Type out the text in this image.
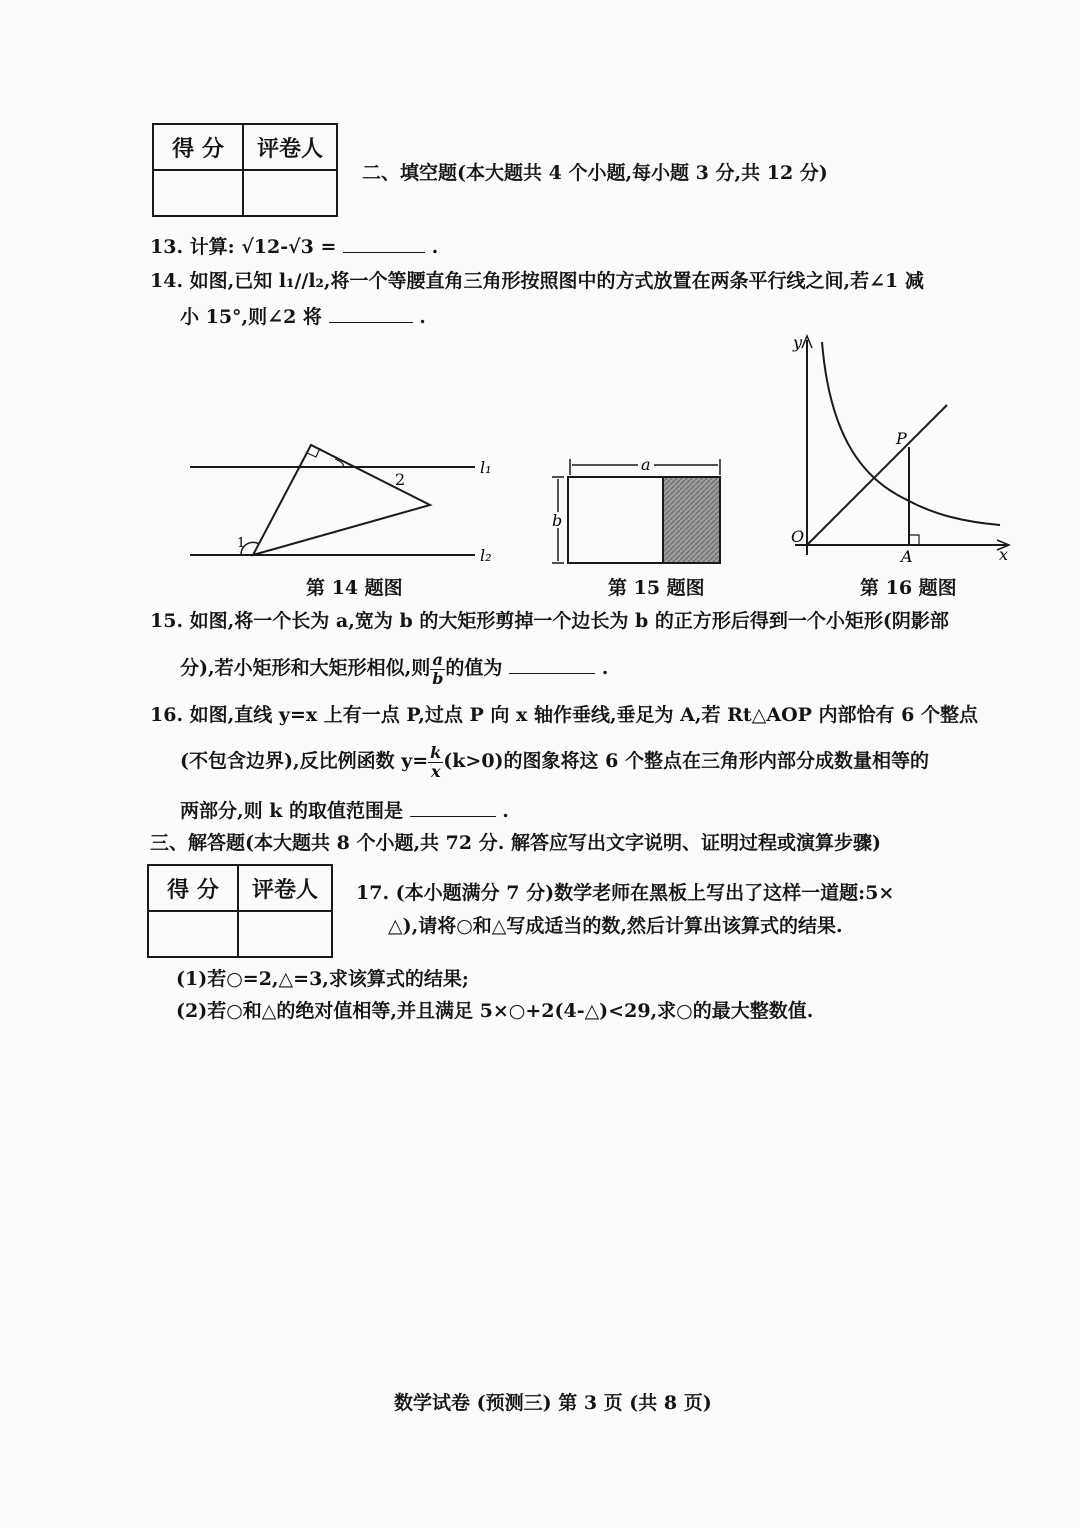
得 分	评卷人

二、填空题(本大题共 4 个小题,每小题 3 分,共 12 分)
13. 计算: √12-√3 =	.
14. 如图,已知 l₁//l₂,将一个等腰直角三角形按照图中的方式放置在两条平行线之间,若∠1 减
小 15°,则∠2 将	.
1
2
l₁
l₂
第 14 题图
a
b
第 15 题图
y
x
O
P
A
第 16 题图
15. 如图,将一个长为 a,宽为 b 的大矩形剪掉一个边长为 b 的正方形后得到一个小矩形(阴影部
分),若小矩形和大矩形相似,则 $\frac{a}{b}$ 的值为	.
16. 如图,直线 y=x 上有一点 P,过点 P 向 x 轴作垂线,垂足为 A,若 Rt△AOP 内部恰有 6 个整点
(不包含边界),反比例函数 $y= \frac{k}{x} (k>0)$的图象将这 6 个整点在三角形内部分成数量相等的
两部分,则 k 的取值范围是	.
三、解答题(本大题共 8 个小题,共 72 分. 解答应写出文字说明、证明过程或演算步骤)
得 分	评卷人
	17. (本小题满分 7 分)数学老师在黑板上写出了这样一道题:5×
△),请将○和△写成适当的数,然后计算出该算式的结果.
(1)若○=2,△=3,求该算式的结果;
(2)若○和△的绝对值相等,并且满足 5×○+2(4-△)<29,求○的最大整数值.
数学试卷 (预测三) 第 3 页 (共 8 页)
